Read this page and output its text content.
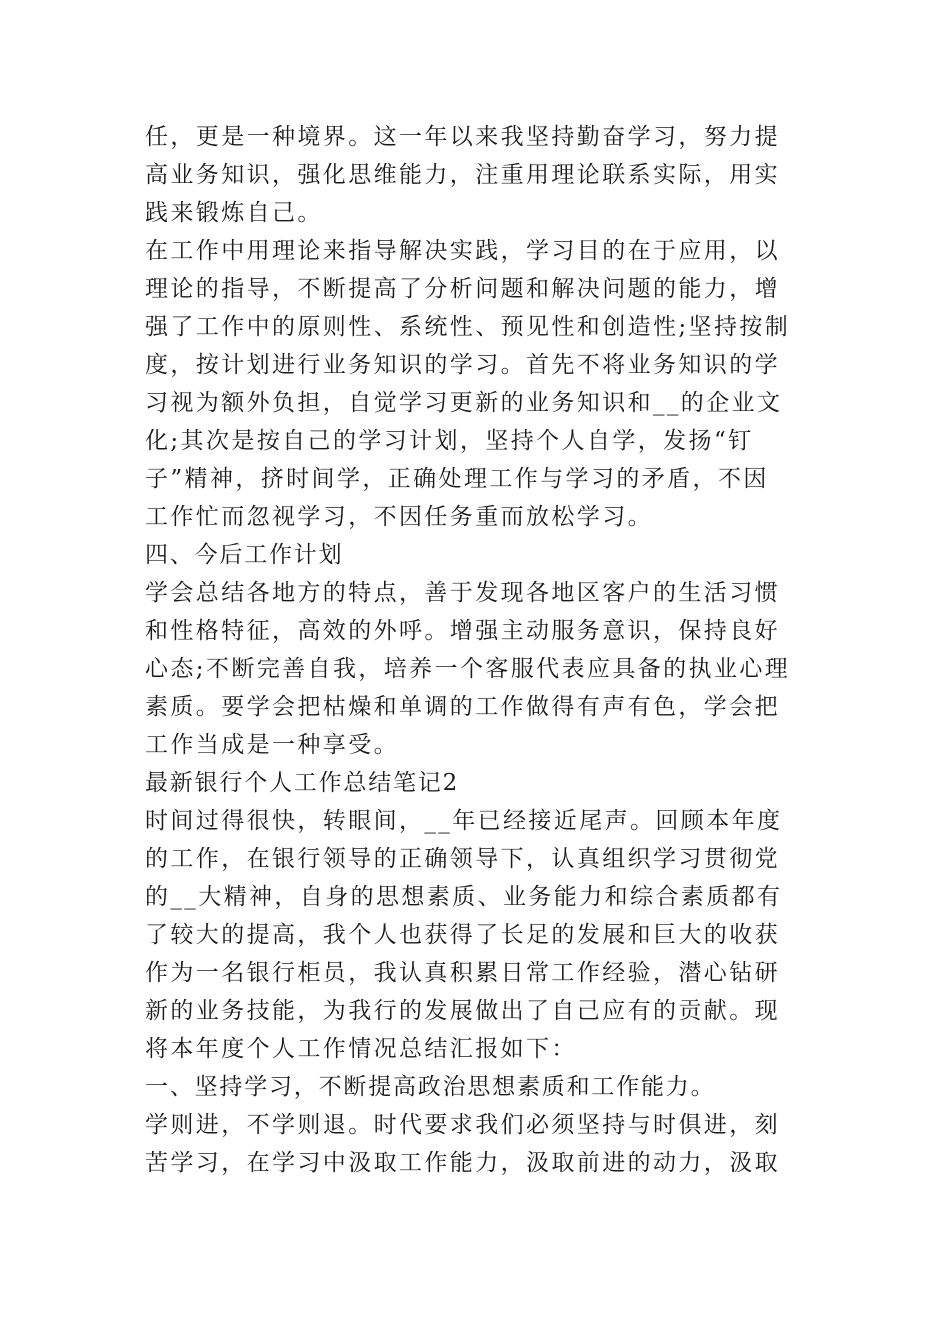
任，更是一种境界。这一年以来我坚持勤奋学习，努力提
高业务知识，强化思维能力，注重用理论联系实际，用实
践来锻炼自己。
在工作中用理论来指导解决实践，学习目的在于应用，以
理论的指导，不断提高了分析问题和解决问题的能力，增
强了工作中的原则性、系统性、预见性和创造性;坚持按制
度，按计划进行业务知识的学习。首先不将业务知识的学
习视为额外负担，自觉学习更新的业务知识和__的企业文
化;其次是按自己的学习计划，坚持个人自学，发扬“钉
子”精神，挤时间学，正确处理工作与学习的矛盾，不因
工作忙而忽视学习，不因任务重而放松学习。
四、今后工作计划
学会总结各地方的特点，善于发现各地区客户的生活习惯
和性格特征，高效的外呼。增强主动服务意识，保持良好
心态;不断完善自我，培养一个客服代表应具备的执业心理
素质。要学会把枯燥和单调的工作做得有声有色，学会把
工作当成是一种享受。
最新银行个人工作总结笔记2
时间过得很快，转眼间，__年已经接近尾声。回顾本年度
的工作，在银行领导的正确领导下，认真组织学习贯彻党
的__大精神，自身的思想素质、业务能力和综合素质都有
了较大的提高，我个人也获得了长足的发展和巨大的收获
作为一名银行柜员，我认真积累日常工作经验，潜心钻研
新的业务技能，为我行的发展做出了自己应有的贡献。现
将本年度个人工作情况总结汇报如下：
一、坚持学习，不断提高政治思想素质和工作能力。
学则进，不学则退。时代要求我们必须坚持与时俱进，刻
苦学习，在学习中汲取工作能力，汲取前进的动力，汲取
